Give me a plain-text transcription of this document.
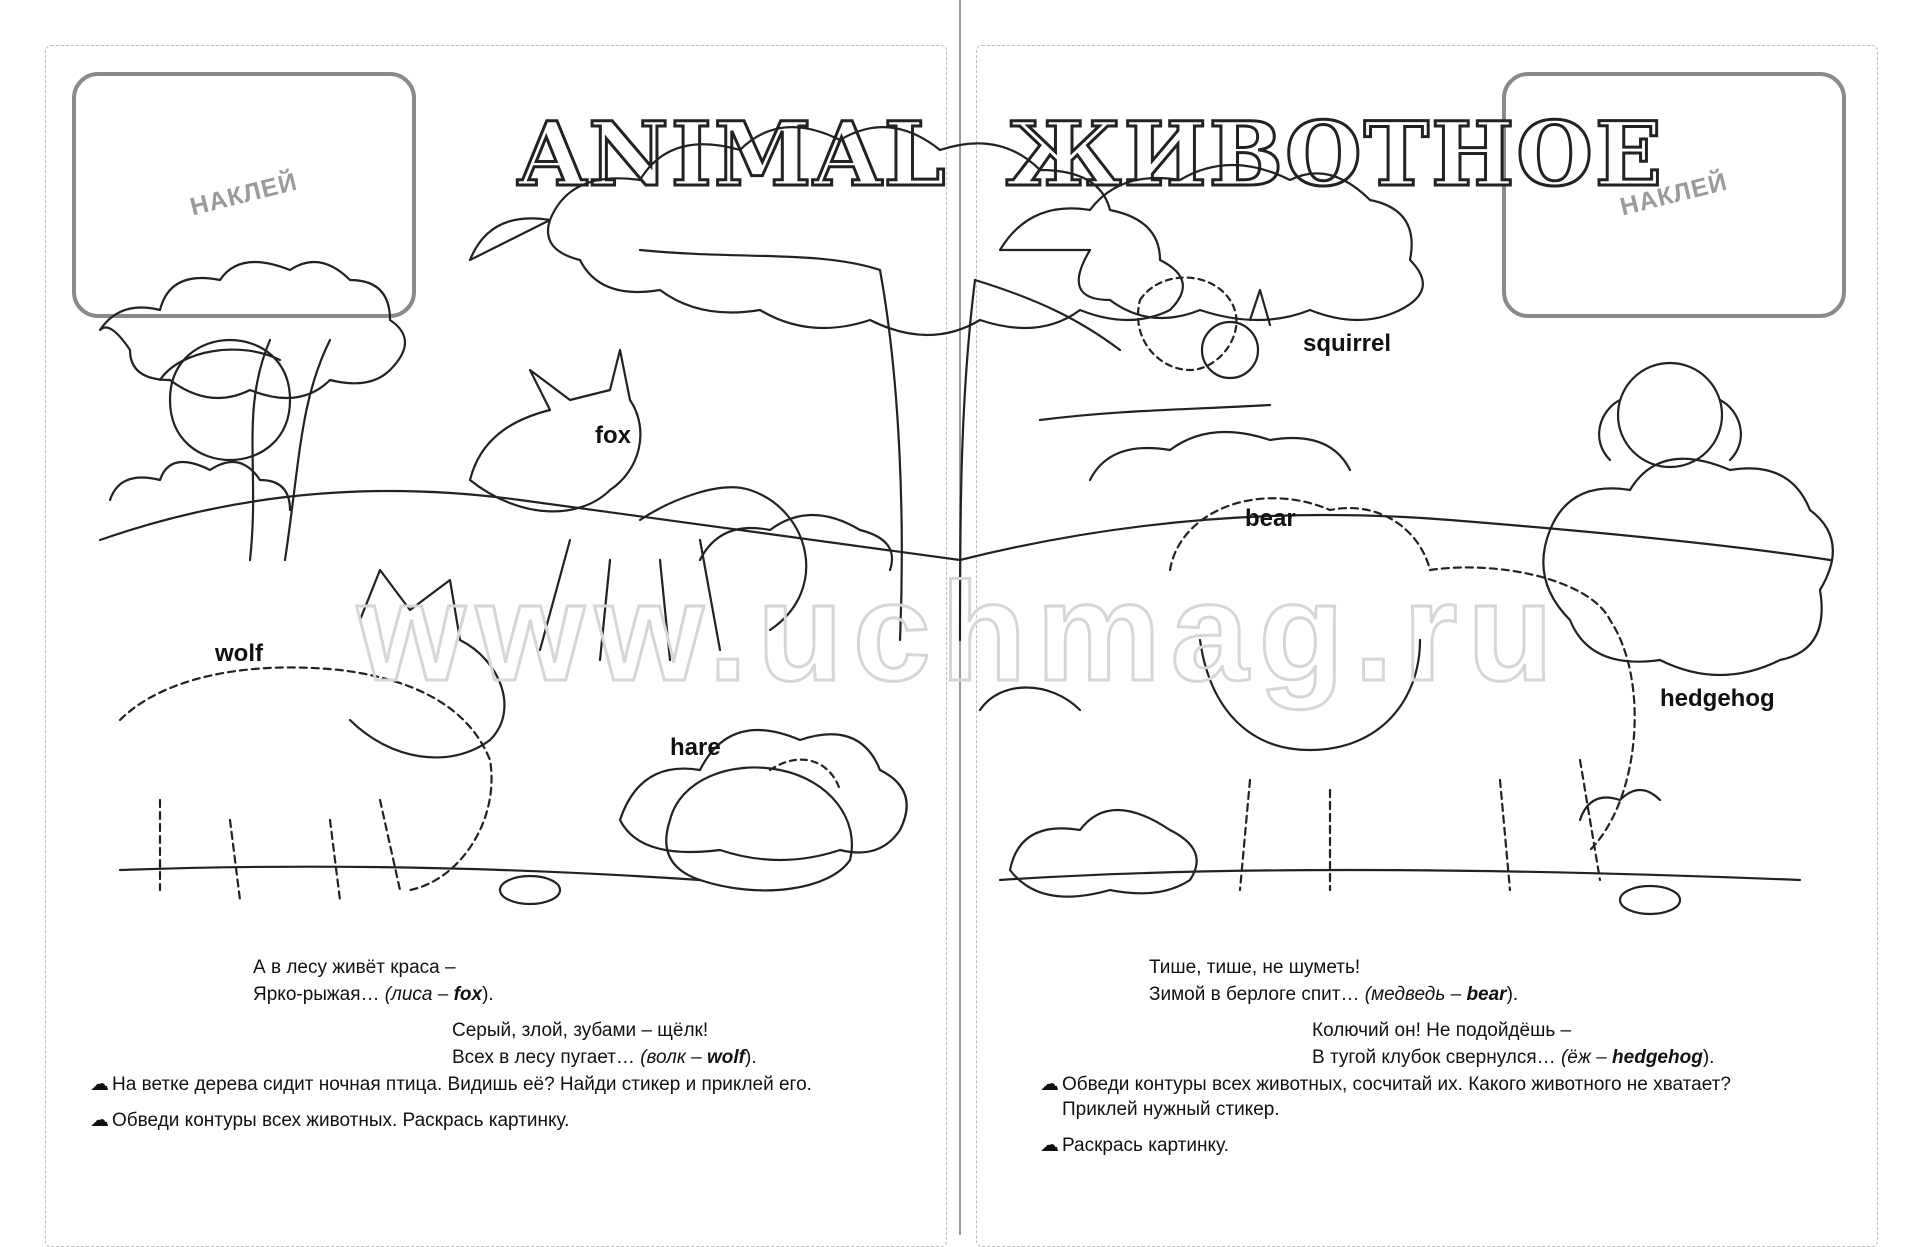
НАКЛЕЙ ANIMAL	НАКЛЕЙ
ЖИВОТНОЕ
www.uchmag.ru
fox
wolf
hare
squirrel
bear
hedgehog
А в лесу живёт краса –
Ярко-рыжая… (лиса – fox).
Серый, злой, зубами – щёлк!
Всех в лесу пугает… (волк – wolf).
☁ На ветке дерева сидит ночная птица. Видишь её? Найди стикер и приклей его.
☁ Обведи контуры всех животных. Раскрась картинку.
Тише, тише, не шуметь!
Зимой в берлоге спит… (медведь – bear).
Колючий он! Не подойдёшь –
В тугой клубок свернулся… (ёж – hedgehog).
☁ Обведи контуры всех животных, сосчитай их. Какого животного не хватает?
Приклей нужный стикер.
☁ Раскрась картинку.
